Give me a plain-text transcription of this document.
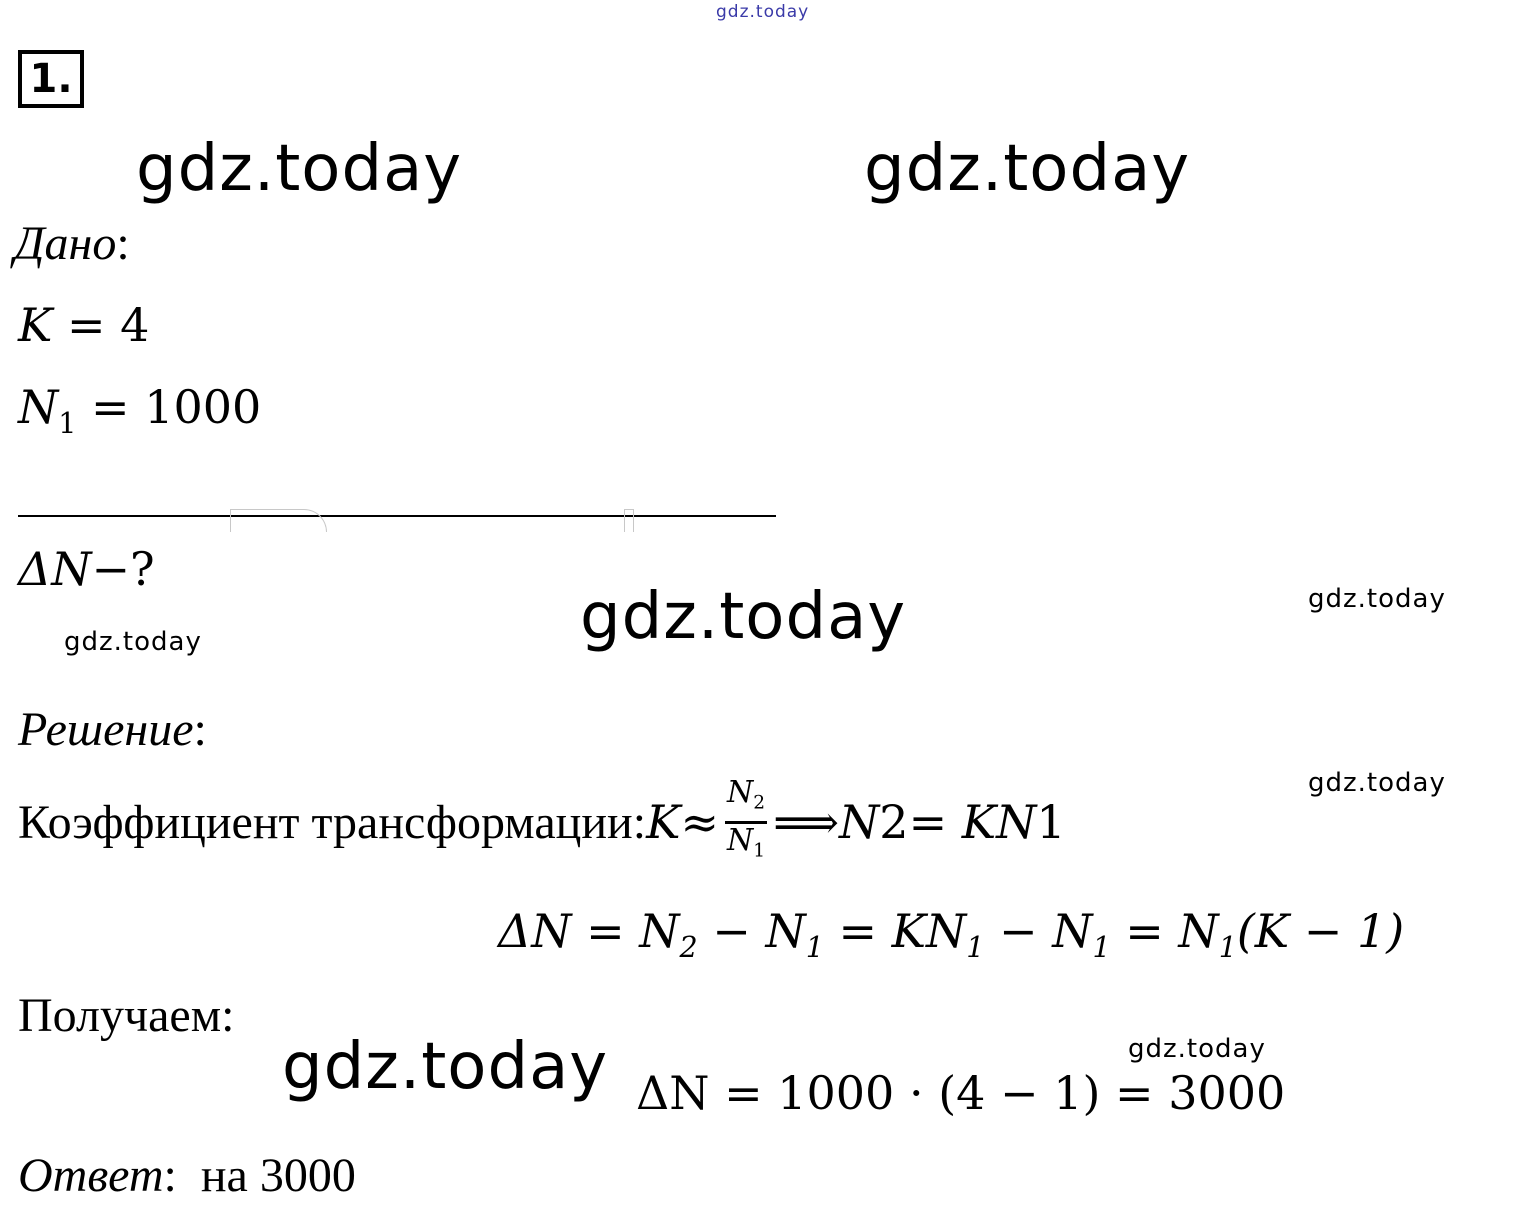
gdz.today
1.
gdz.today	gdz.today
Дано:
K = 4
$N_1 = 1000$
ΔN−?
gdz.today	gdz.today
gdz.today
Решение:
gdz.today
Коэффициент трансформации: $K \approx \frac{N_2}{N_1}$ ⟹ N 2 = KN 1
$\Delta N = N_2 - N_1 = KN_1 - N_1 = N_1(K - 1)$
Получаем:
gdz.today
gdz.today ΔN = 1000 · (4 − 1) = 3000
Ответ:  на 3000
